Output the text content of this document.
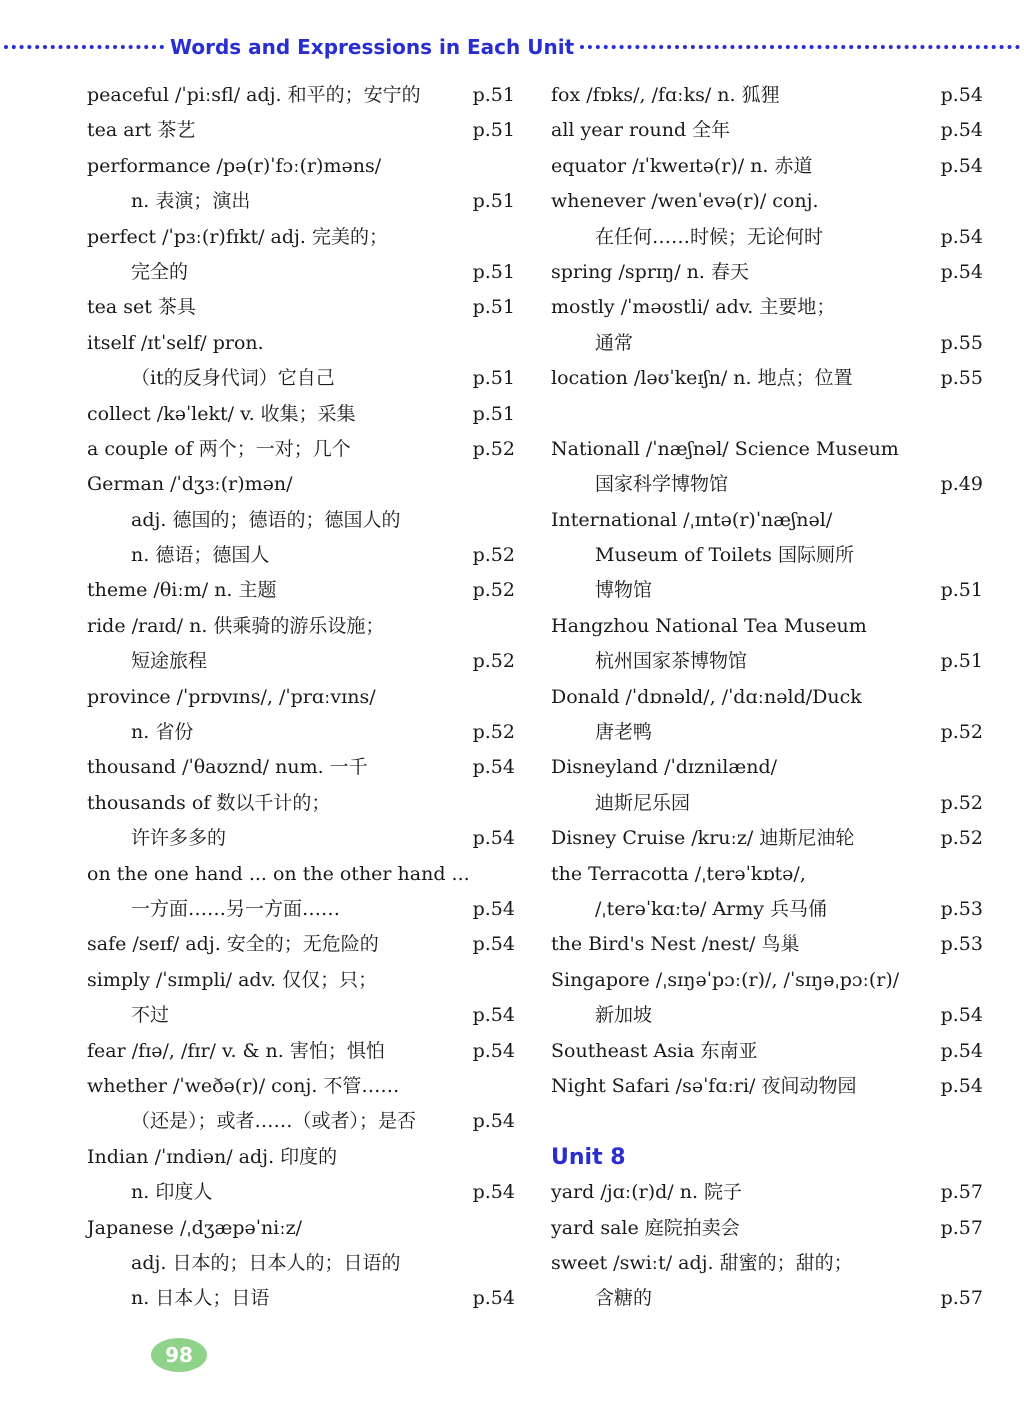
Words and Expressions in Each Unit
peaceful /ˈpiːsfl/ adj. 和平的；安宁的	p.51
tea art 茶艺	p.51
performance /pə(r)ˈfɔː(r)məns/
n. 表演；演出	p.51
perfect /ˈpɜː(r)fɪkt/ adj. 完美的；
完全的	p.51
tea set 茶具	p.51
itself /ɪtˈself/ pron.
（it的反身代词）它自己	p.51
collect /kəˈlekt/ v. 收集；采集	p.51
a couple of 两个；一对；几个	p.52
German /ˈdʒɜː(r)mən/
adj. 德国的；德语的；德国人的
n. 德语；德国人	p.52
theme /θiːm/ n. 主题	p.52
ride /raɪd/ n. 供乘骑的游乐设施；
短途旅程	p.52
province /ˈprɒvɪns/, /ˈprɑːvɪns/
n. 省份	p.52
thousand /ˈθaʊznd/ num. 一千	p.54
thousands of 数以千计的；
许许多多的	p.54
on the one hand ... on the other hand ...
一方面……另一方面……	p.54
safe /seɪf/ adj. 安全的；无危险的	p.54
simply /ˈsɪmpli/ adv. 仅仅；只；
不过	p.54
fear /fɪə/, /fɪr/ v. & n. 害怕；惧怕	p.54
whether /ˈweðə(r)/ conj. 不管……
（还是）；或者……（或者）；是否	p.54
Indian /ˈɪndiən/ adj. 印度的
n. 印度人	p.54
Japanese /ˌdʒæpəˈniːz/
adj. 日本的；日本人的；日语的
n. 日本人；日语	p.54
fox /fɒks/, /fɑːks/ n. 狐狸	p.54
all year round 全年	p.54
equator /ɪˈkweɪtə(r)/ n. 赤道	p.54
whenever /wenˈevə(r)/ conj.
在任何……时候；无论何时	p.54
spring /sprɪŋ/ n. 春天	p.54
mostly /ˈməʊstli/ adv. 主要地；
通常	p.55
location /ləʊˈkeɪʃn/ n. 地点；位置	p.55
Nationall /ˈnæʃnəl/ Science Museum
国家科学博物馆	p.49
International /ˌɪntə(r)ˈnæʃnəl/
Museum of Toilets 国际厕所
博物馆	p.51
Hangzhou National Tea Museum
杭州国家茶博物馆	p.51
Donald /ˈdɒnəld/, /ˈdɑːnəld/Duck
唐老鸭	p.52
Disneyland /ˈdɪznilænd/
迪斯尼乐园	p.52
Disney Cruise /kruːz/ 迪斯尼油轮	p.52
the Terracotta /ˌterəˈkɒtə/,
/ˌterəˈkɑːtə/ Army 兵马俑	p.53
the Bird's Nest /nest/ 鸟巢	p.53
Singapore /ˌsɪŋəˈpɔː(r)/, /ˈsɪŋəˌpɔː(r)/
新加坡	p.54
Southeast Asia 东南亚	p.54
Night Safari /səˈfɑːri/ 夜间动物园	p.54
Unit 8
yard /jɑː(r)d/ n. 院子	p.57
yard sale 庭院拍卖会	p.57
sweet /swiːt/ adj. 甜蜜的；甜的；
含糖的	p.57
98
